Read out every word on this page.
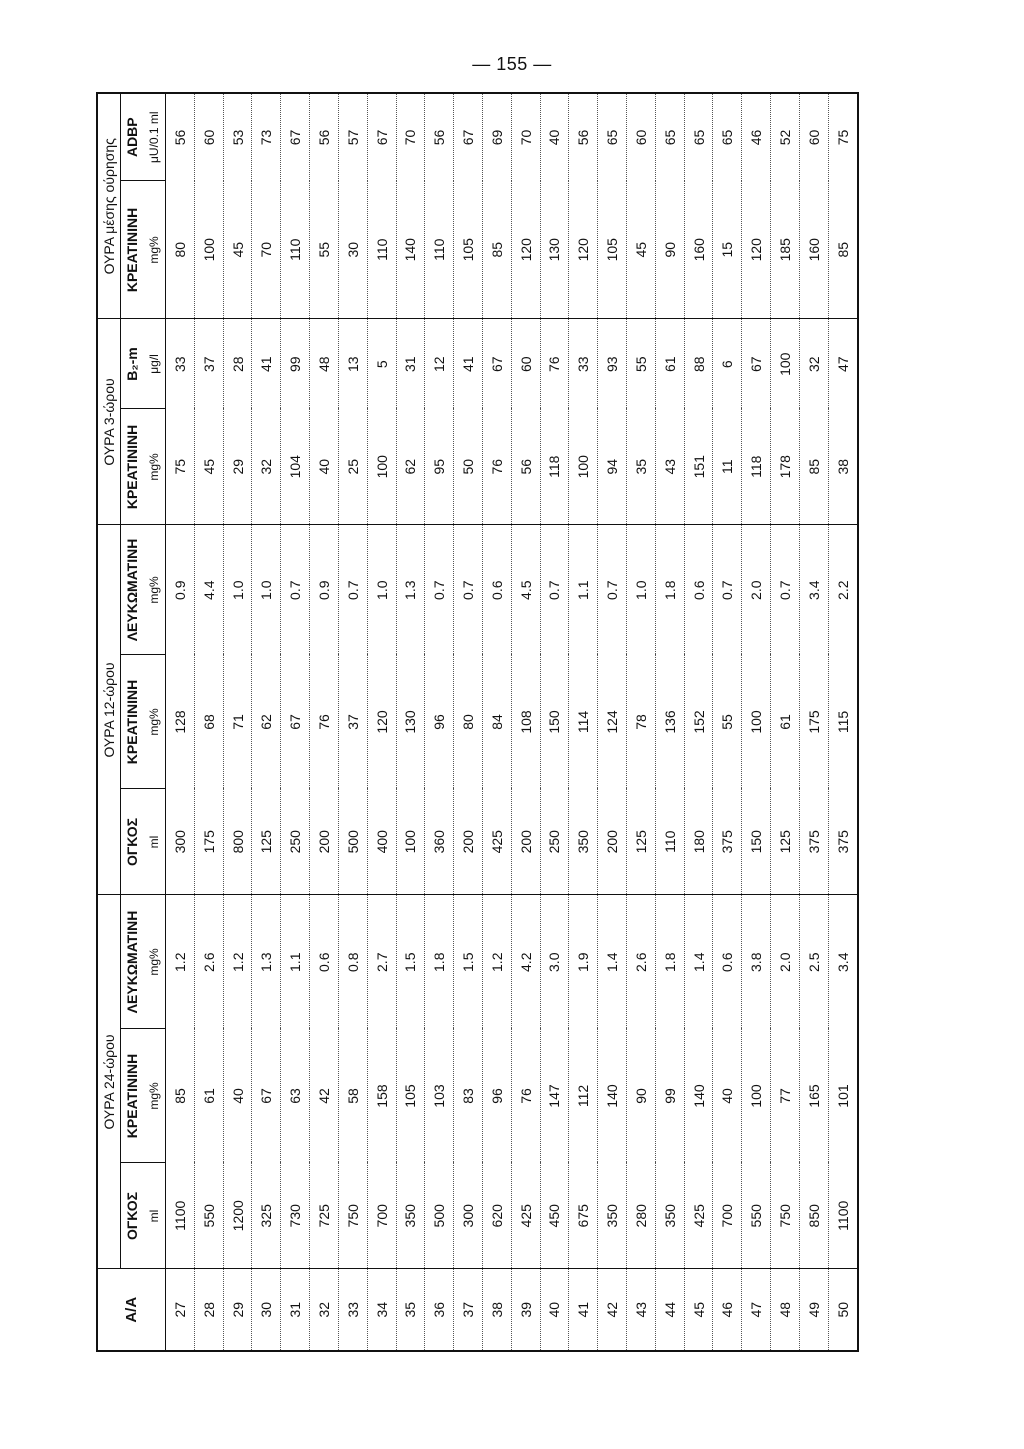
— 155 —
Α/Α	ΟΥΡΑ 24-ώρου			ΟΥΡΑ 12-ώρου			ΟΥΡΑ 3-ώρου		ΟΥΡΑ μέσης ούρησης	
	ΟΓΚΟΣ	ΚΡΕΑΤΙΝΙΝΗ	ΛΕΥΚΩΜΑΤΙΝΗ	ΟΓΚΟΣ	ΚΡΕΑΤΙΝΙΝΗ	ΛΕΥΚΩΜΑΤΙΝΗ	ΚΡΕΑΤΙΝΙΝΗ	B₂-m	ΚΡΕΑΤΙΝΙΝΗ	ADBP
	ml	mg%	mg%	ml	mg%	mg%	mg%	μg/l	mg%	μU/0.1 ml
27	1100	85	1.2	300	128	0.9	75	33	80	56
28	550	61	2.6	175	68	4.4	45	37	100	60
29	1200	40	1.2	800	71	1.0	29	28	45	53
30	325	67	1.3	125	62	1.0	32	41	70	73
31	730	63	1.1	250	67	0.7	104	99	110	67
32	725	42	0.6	200	76	0.9	40	48	55	56
33	750	58	0.8	500	37	0.7	25	13	30	57
34	700	158	2.7	400	120	1.0	100	5	110	67
35	350	105	1.5	100	130	1.3	62	31	140	70
36	500	103	1.8	360	96	0.7	95	12	110	56
37	300	83	1.5	200	80	0.7	50	41	105	67
38	620	96	1.2	425	84	0.6	76	67	85	69
39	425	76	4.2	200	108	4.5	56	60	120	70
40	450	147	3.0	250	150	0.7	118	76	130	40
41	675	112	1.9	350	114	1.1	100	33	120	56
42	350	140	1.4	200	124	0.7	94	93	105	65
43	280	90	2.6	125	78	1.0	35	55	45	60
44	350	99	1.8	110	136	1.8	43	61	90	65
45	425	140	1.4	180	152	0.6	151	88	160	65
46	700	40	0.6	375	55	0.7	11	6	15	65
47	550	100	3.8	150	100	2.0	118	67	120	46
48	750	77	2.0	125	61	0.7	178	100	185	52
49	850	165	2.5	375	175	3.4	85	32	160	60
50	1100	101	3.4	375	115	2.2	38	47	85	75
